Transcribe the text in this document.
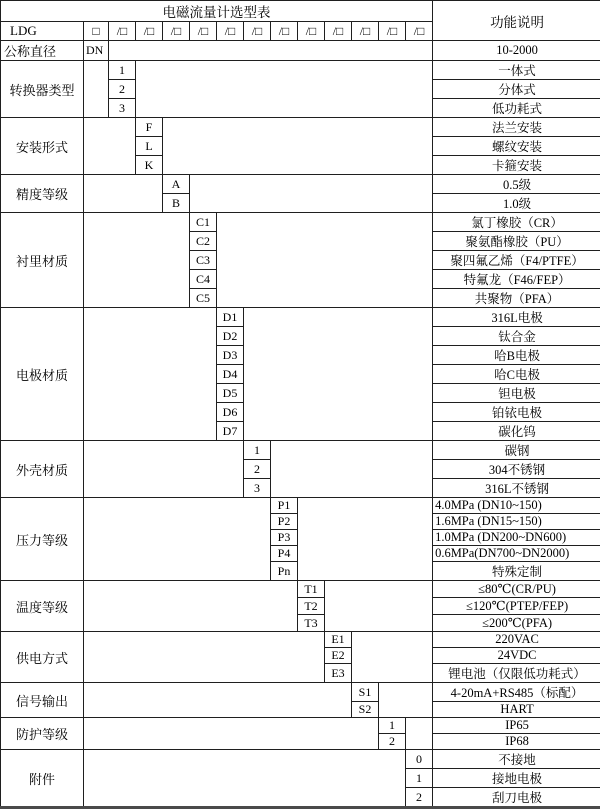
电磁流量计选型表														功能说明
LDG	□	/□	/□	/□	/□	/□	/□	/□	/□	/□	/□	/□	/□	
公称直径	DN													10-2000
转换器类型		1												一体式
		2												分体式
		3												低功耗式
安装形式			F											法兰安装
			L											螺纹安装
			K											卡箍安装
精度等级				A										0.5级
				B										1.0级
衬里材质					C1									氯丁橡胶（CR）
					C2									聚氨酯橡胶（PU）
					C3									聚四氟乙烯（F4/PTFE）
					C4									特氟龙（F46/FEP）
					C5									共聚物（PFA）
电极材质						D1								316L电极
						D2								钛合金
						D3								哈B电极
						D4								哈C电极
						D5								钽电极
						D6								铂铱电极
						D7								碳化钨
外壳材质							1							碳钢
							2							304不锈钢
							3							316L不锈钢
压力等级								P1						4.0MPa (DN10~150)
								P2						1.6MPa (DN15~150)
								P3						1.0MPa (DN200~DN600)
								P4						0.6MPa(DN700~DN2000)
								Pn						特殊定制
温度等级									T1					≤80℃(CR/PU)
									T2					≤120℃(PTEP/FEP)
									T3					≤200℃(PFA)
供电方式										E1				220VAC
										E2				24VDC
										E3				锂电池（仅限低功耗式）
信号输出											S1			4-20mA+RS485（标配）
											S2			HART
防护等级												1		IP65
												2		IP68
附件													0	不接地
													1	接地电极
													2	刮刀电极
